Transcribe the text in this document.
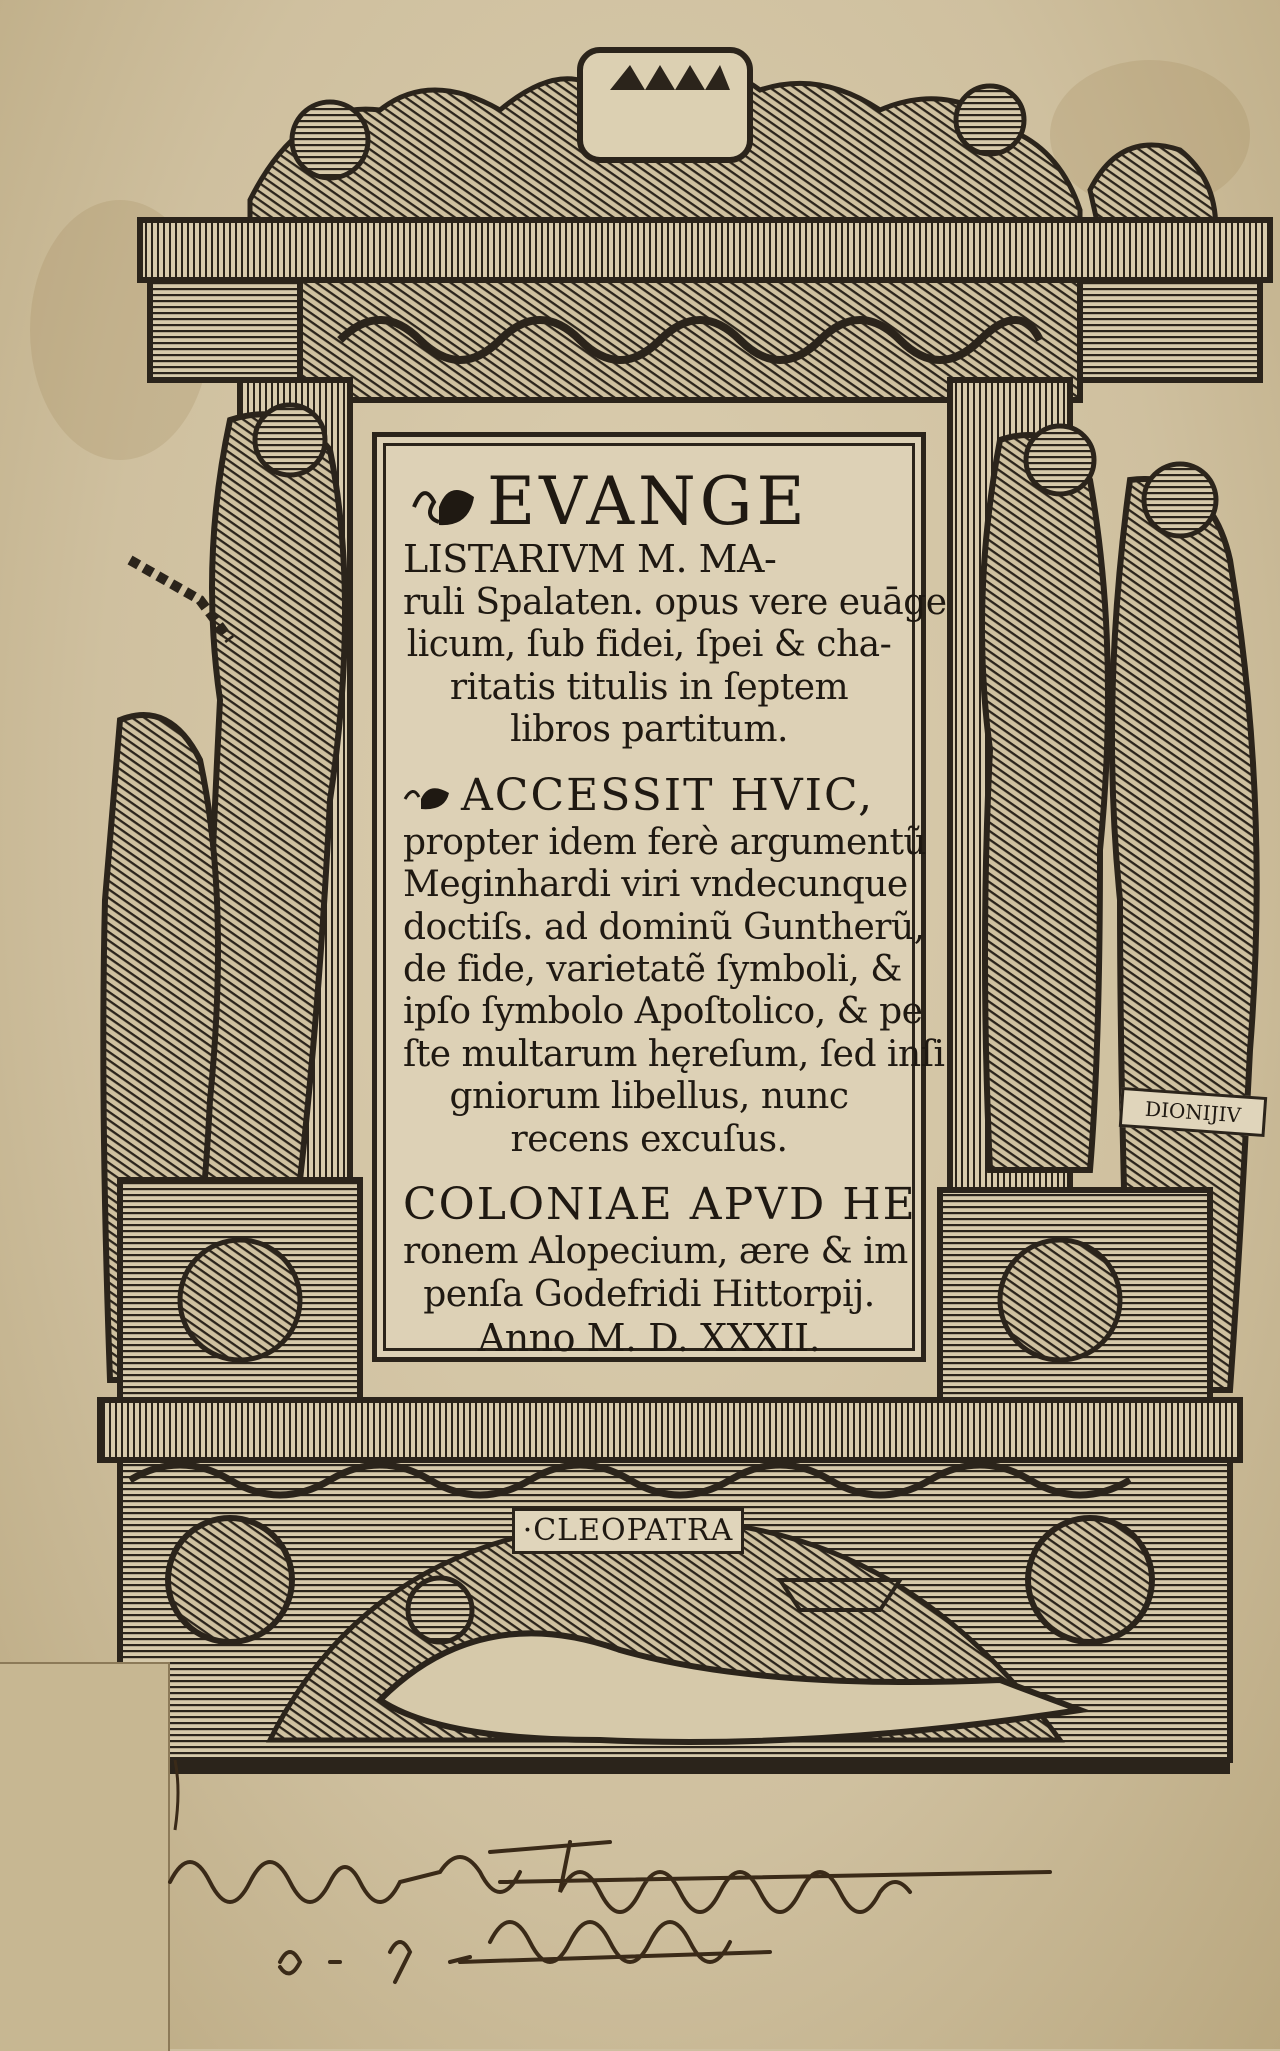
·CLEOPATRA
DIONIJIV
EVANGE
LISTARIVM M. MA-
ruli Spalaten. opus vere euāge
licum, ſub fidei, ſpei & cha-
ritatis titulis in ſeptem
libros partitum.
ACCESSIT HVIC,
propter idem ferè argumentũ
Meginhardi viri vndecunque
doctiſs. ad dominũ Guntherũ,
de fide, varietatẽ ſymboli, &
ipſo ſymbolo Apoſtolico, & pe
ſte multarum hęreſum, ſed inſi
gniorum libellus, nunc
recens excuſus.
COLONIAE APVD HE
ronem Alopecium, ære & im
penſa Godefridi Hittorpij.
Anno M. D. XXXII.
